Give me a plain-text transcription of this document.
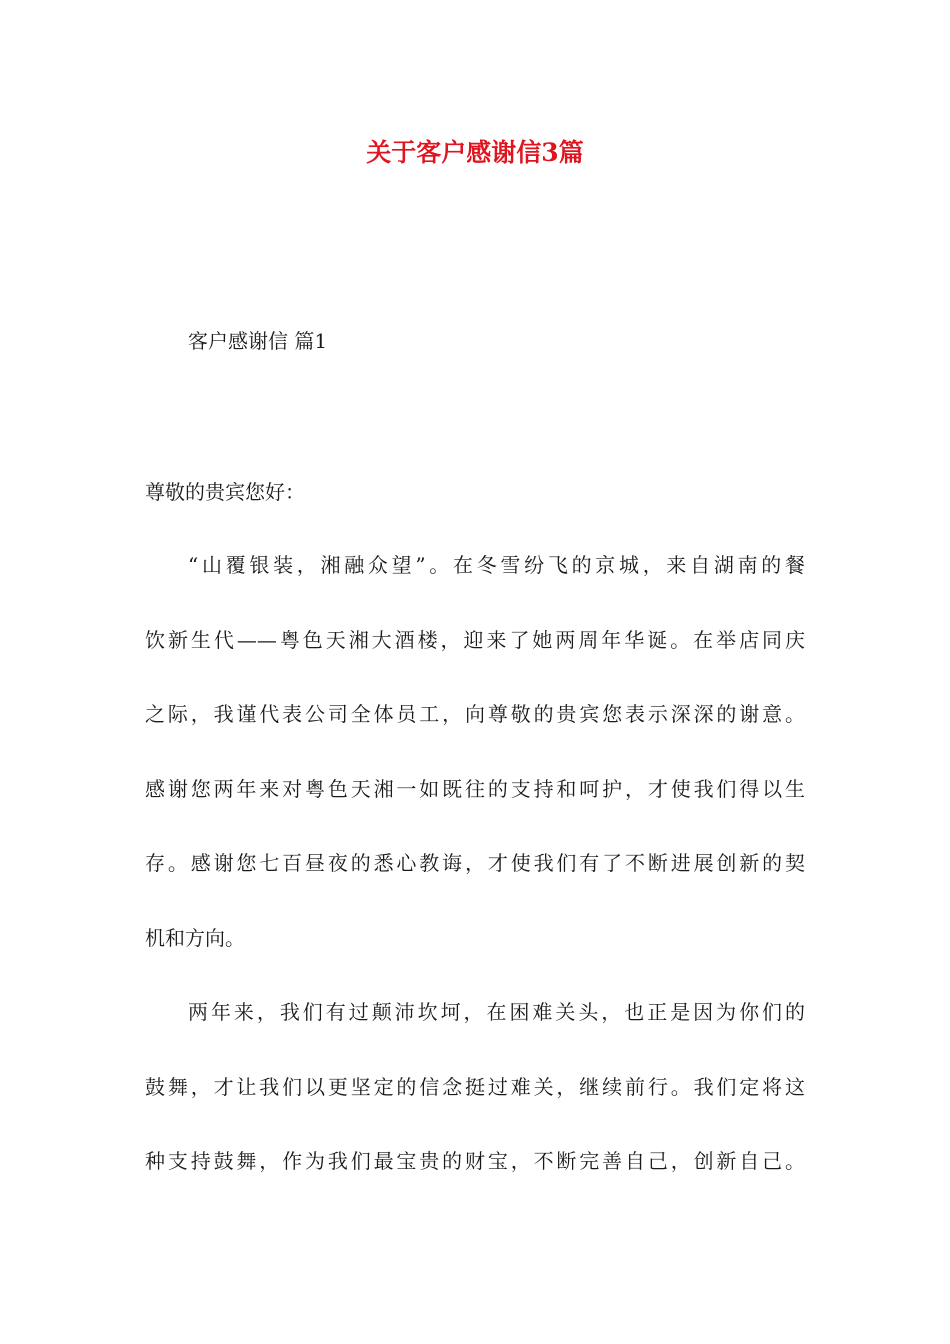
关于客户感谢信3篇
客户感谢信 篇1
尊敬的贵宾您好：
“山覆银装，湘融众望”。在冬雪纷飞的京城，来自湖南的餐
饮新生代——粤色天湘大酒楼，迎来了她两周年华诞。在举店同庆
之际，我谨代表公司全体员工，向尊敬的贵宾您表示深深的谢意。
感谢您两年来对粤色天湘一如既往的支持和呵护，才使我们得以生
存。感谢您七百昼夜的悉心教诲，才使我们有了不断进展创新的契
机和方向。
两年来，我们有过颠沛坎坷，在困难关头，也正是因为你们的
鼓舞，才让我们以更坚定的信念挺过难关，继续前行。我们定将这
种支持鼓舞，作为我们最宝贵的财宝，不断完善自己，创新自己。
